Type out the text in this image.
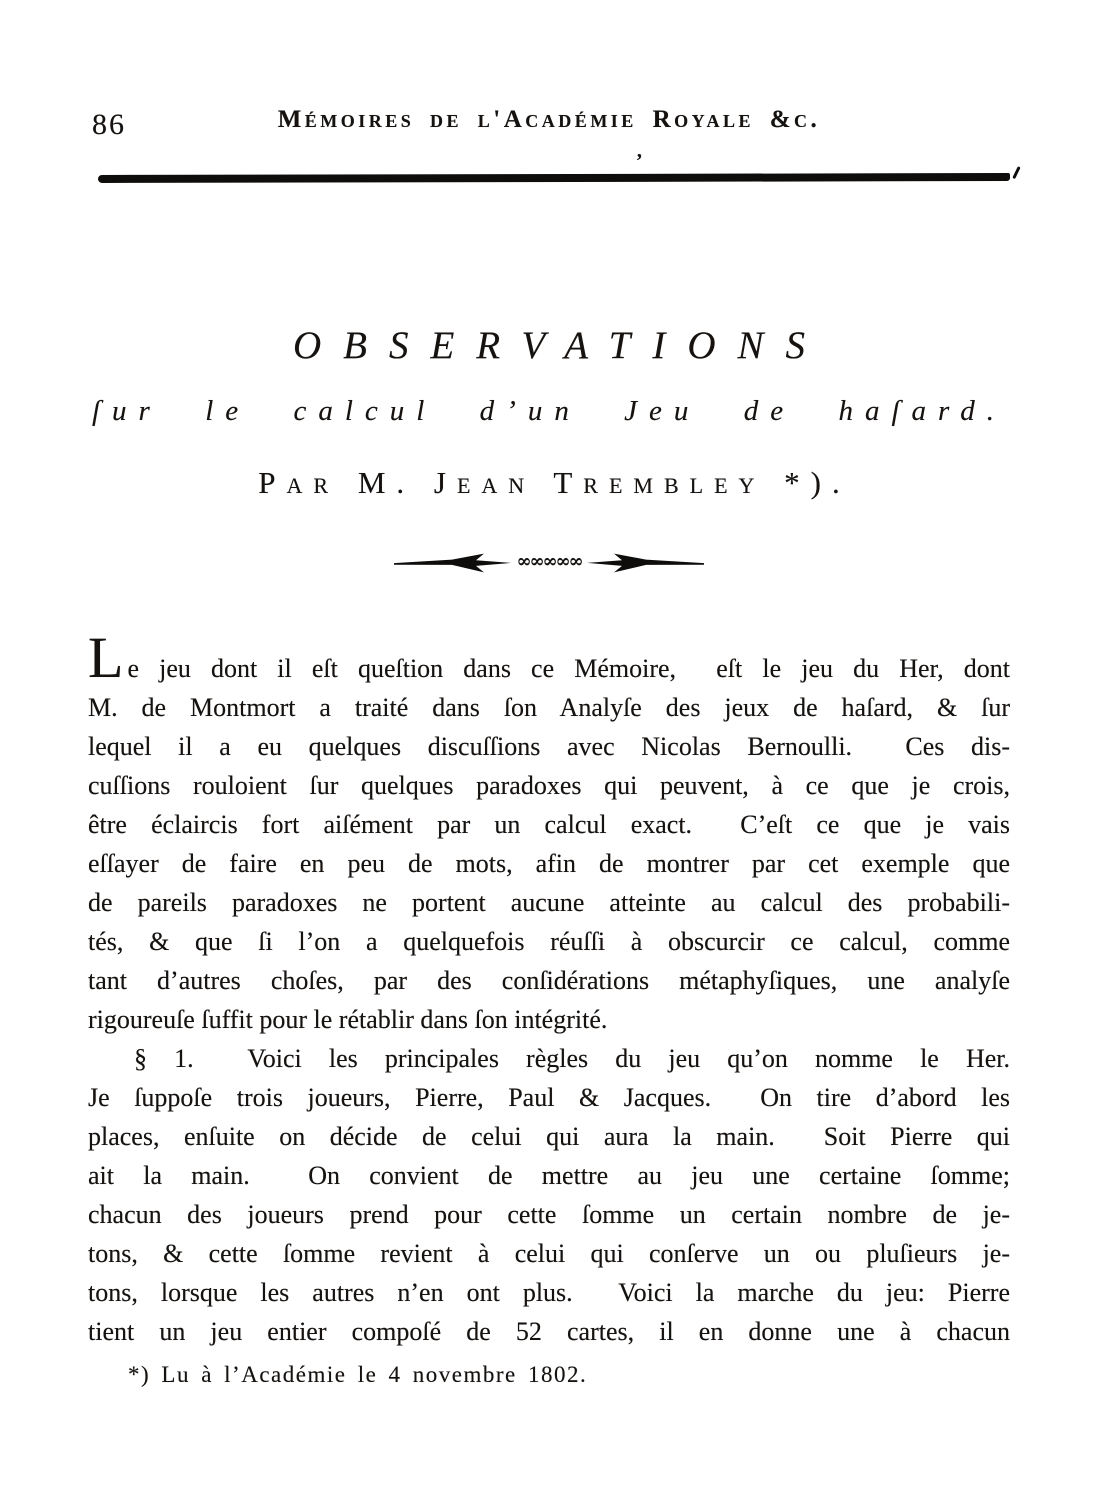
86	Mémoires de l'Académie Royale &c.
‚
OBSERVATIONS
ſur le calcul d’un Jeu de haſard.
Par M. Jean Trembley *).
∞∞∞∞∞
Le jeu dont il eſt queſtion dans ce Mémoire,  eſt le jeu du Her, dont
M. de Montmort a traité dans ſon Analyſe des jeux de haſard, & ſur
lequel il a eu quelques discuſſions avec Nicolas Bernoulli.  Ces dis-
cuſſions rouloient ſur quelques paradoxes qui peuvent, à ce que je crois,
être éclaircis fort aiſément par un calcul exact.  C’eſt ce que je vais
eſſayer de faire en peu de mots, afin de montrer par cet exemple que
de pareils paradoxes ne portent aucune atteinte au calcul des probabili-
tés, & que ſi l’on a quelquefois réuſſi à obscurcir ce calcul, comme
tant d’autres choſes, par des conſidérations métaphyſiques, une analyſe
rigoureuſe ſuffit pour le rétablir dans ſon intégrité.
§ 1.  Voici les principales règles du jeu qu’on nomme le Her.
Je ſuppoſe trois joueurs, Pierre, Paul & Jacques.  On tire d’abord les
places, enſuite on décide de celui qui aura la main.  Soit Pierre qui
ait la main.  On convient de mettre au jeu une certaine ſomme;
chacun des joueurs prend pour cette ſomme un certain nombre de je-
tons, & cette ſomme revient à celui qui conſerve un ou pluſieurs je-
tons, lorsque les autres n’en ont plus.  Voici la marche du jeu: Pierre
tient un jeu entier compoſé de 52 cartes, il en donne une à chacun
*) Lu à l’Académie le 4 novembre 1802.
